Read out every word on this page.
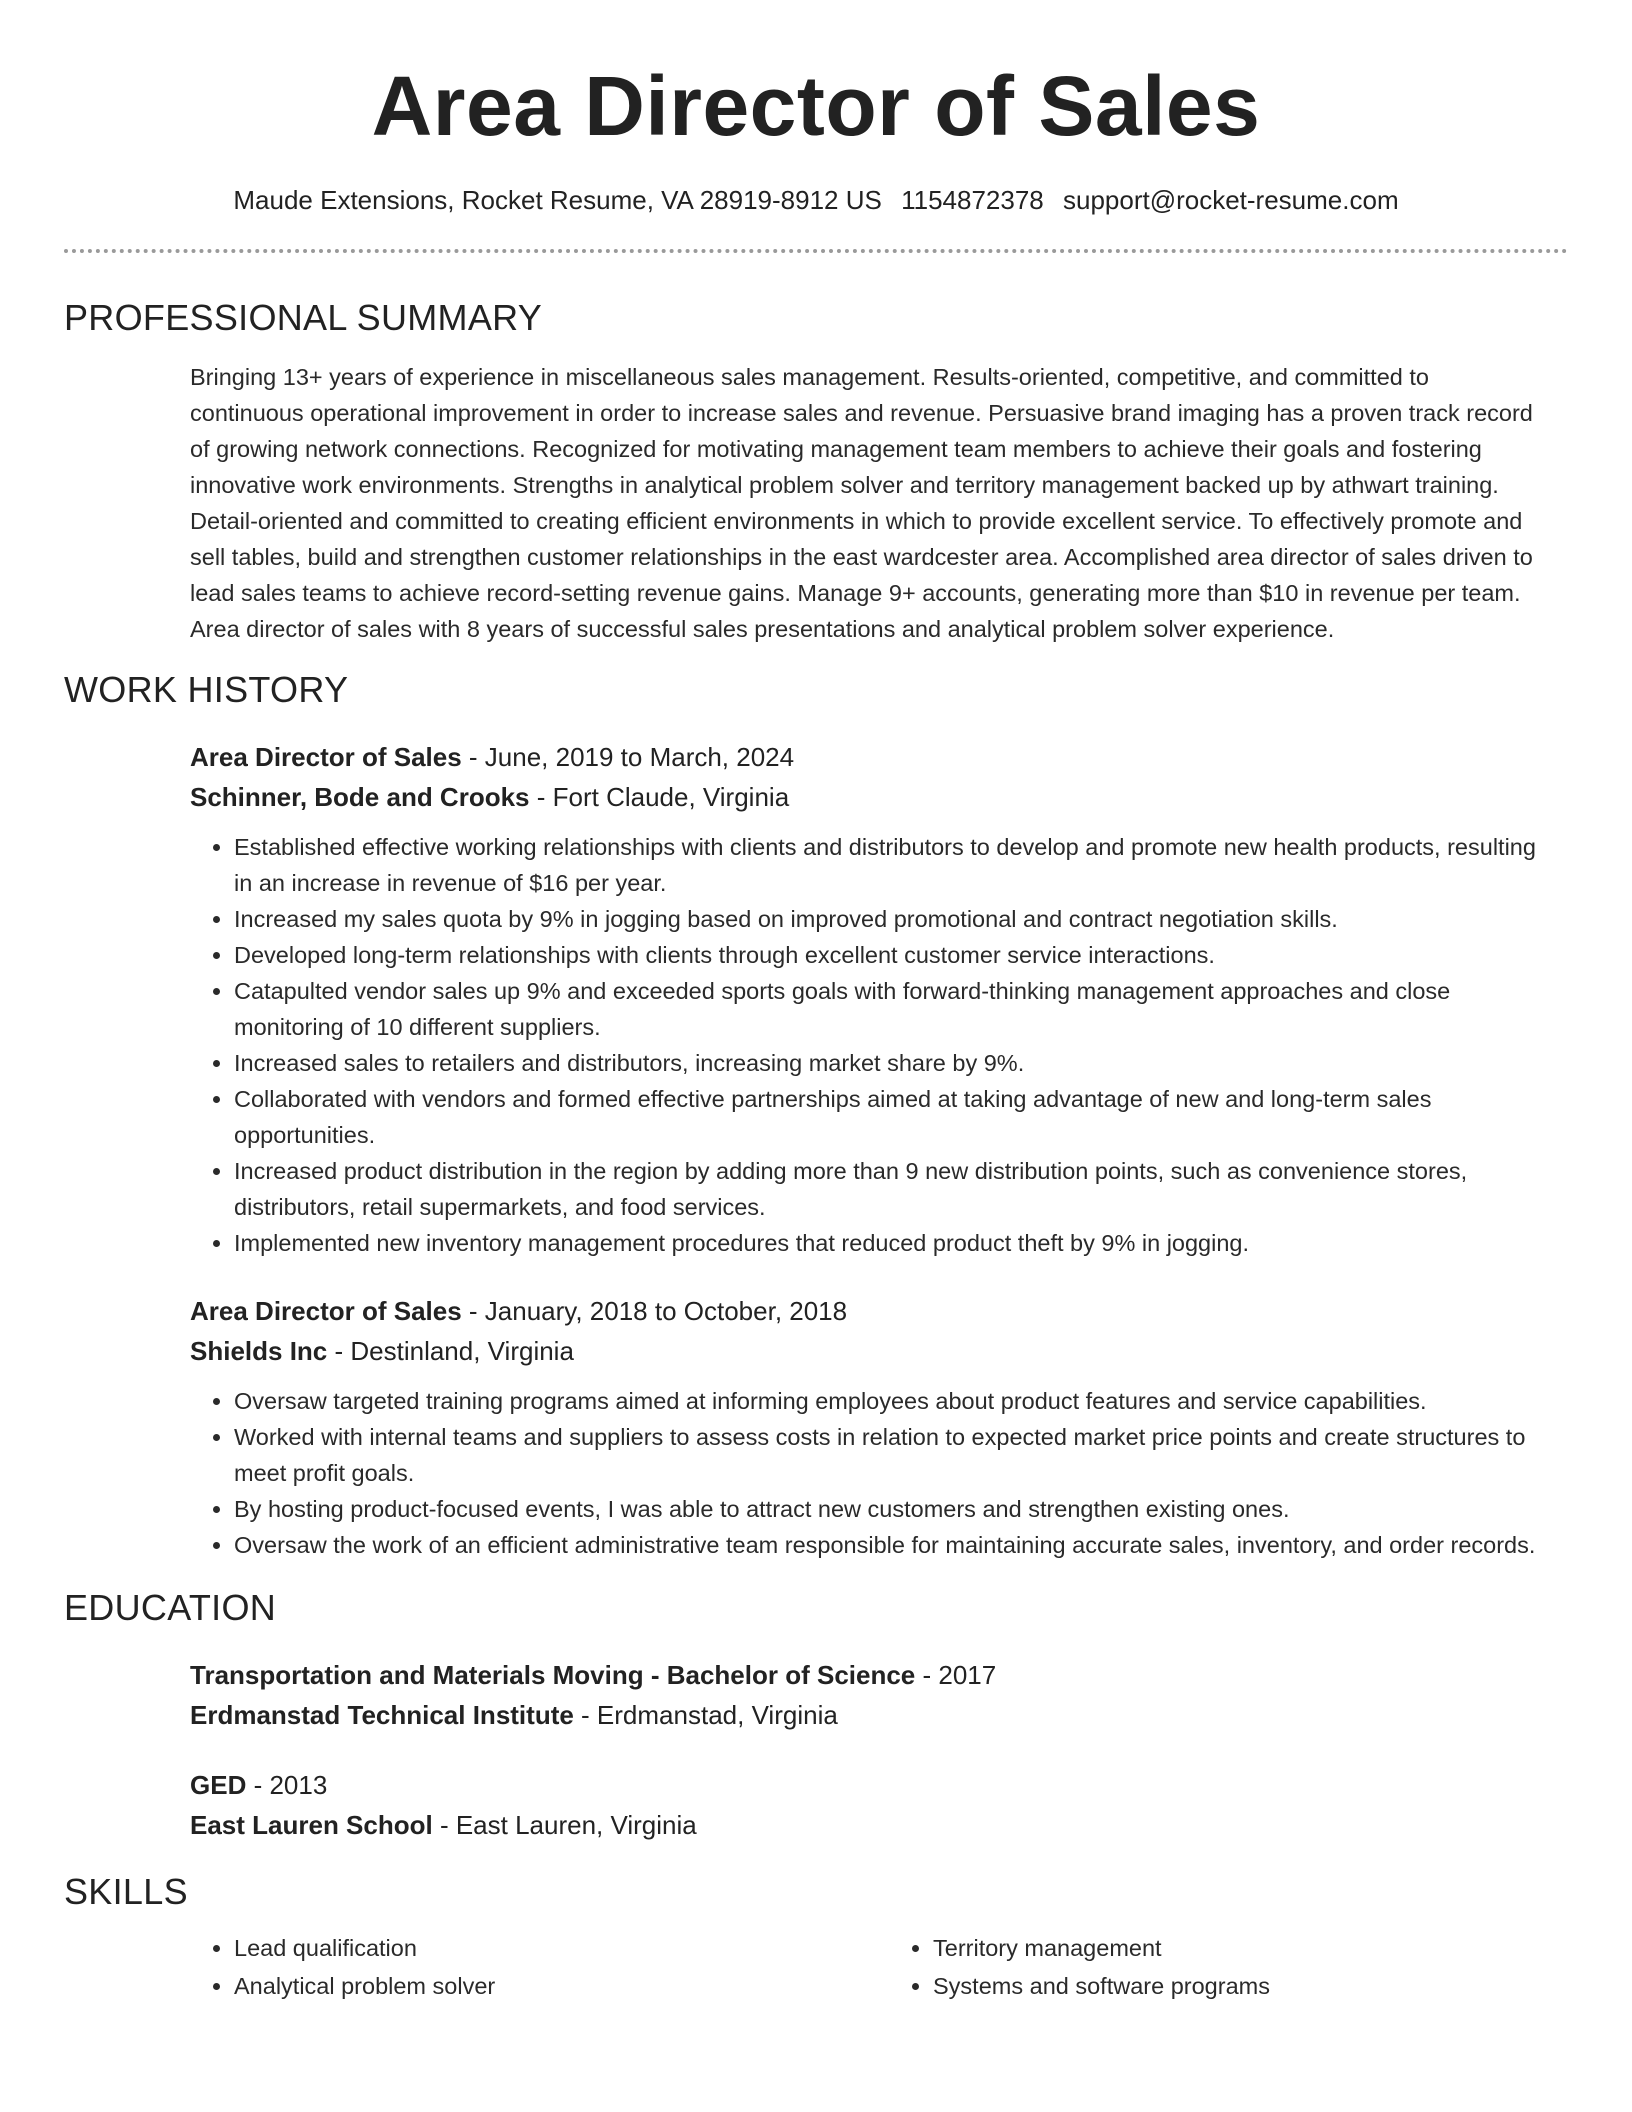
Area Director of Sales
Maude Extensions, Rocket Resume, VA 28919-8912 US 1154872378 support@rocket-resume.com
PROFESSIONAL SUMMARY

Bringing 13+ years of experience in miscellaneous sales management. Results-oriented, competitive, and committed to continuous operational improvement in order to increase sales and revenue. Persuasive brand imaging has a proven track record of growing network connections. Recognized for motivating management team members to achieve their goals and fostering innovative work environments. Strengths in analytical problem solver and territory management backed up by athwart training. Detail-oriented and committed to creating efficient environments in which to provide excellent service. To effectively promote and sell tables, build and strengthen customer relationships in the east wardcester area. Accomplished area director of sales driven to lead sales teams to achieve record-setting revenue gains. Manage 9+ accounts, generating more than $10 in revenue per team. Area director of sales with 8 years of successful sales presentations and analytical problem solver experience.

WORK HISTORY
Area Director of Sales - June, 2019 to March, 2024
Schinner, Bode and Crooks - Fort Claude, Virginia
• Established effective working relationships with clients and distributors to develop and promote new health products, resulting in an increase in revenue of $16 per year.
• Increased my sales quota by 9% in jogging based on improved promotional and contract negotiation skills.
• Developed long-term relationships with clients through excellent customer service interactions.
• Catapulted vendor sales up 9% and exceeded sports goals with forward-thinking management approaches and close monitoring of 10 different suppliers.
• Increased sales to retailers and distributors, increasing market share by 9%.
• Collaborated with vendors and formed effective partnerships aimed at taking advantage of new and long-term sales opportunities.
• Increased product distribution in the region by adding more than 9 new distribution points, such as convenience stores, distributors, retail supermarkets, and food services.
• Implemented new inventory management procedures that reduced product theft by 9% in jogging.
Area Director of Sales - January, 2018 to October, 2018
Shields Inc - Destinland, Virginia
• Oversaw targeted training programs aimed at informing employees about product features and service capabilities.
• Worked with internal teams and suppliers to assess costs in relation to expected market price points and create structures to meet profit goals.
• By hosting product-focused events, I was able to attract new customers and strengthen existing ones.
• Oversaw the work of an efficient administrative team responsible for maintaining accurate sales, inventory, and order records.
EDUCATION
Transportation and Materials Moving - Bachelor of Science - 2017
Erdmanstad Technical Institute - Erdmanstad, Virginia
GED - 2013
East Lauren School - East Lauren, Virginia
SKILLS
• Lead qualification
• Analytical problem solver
• Territory management
• Systems and software programs
